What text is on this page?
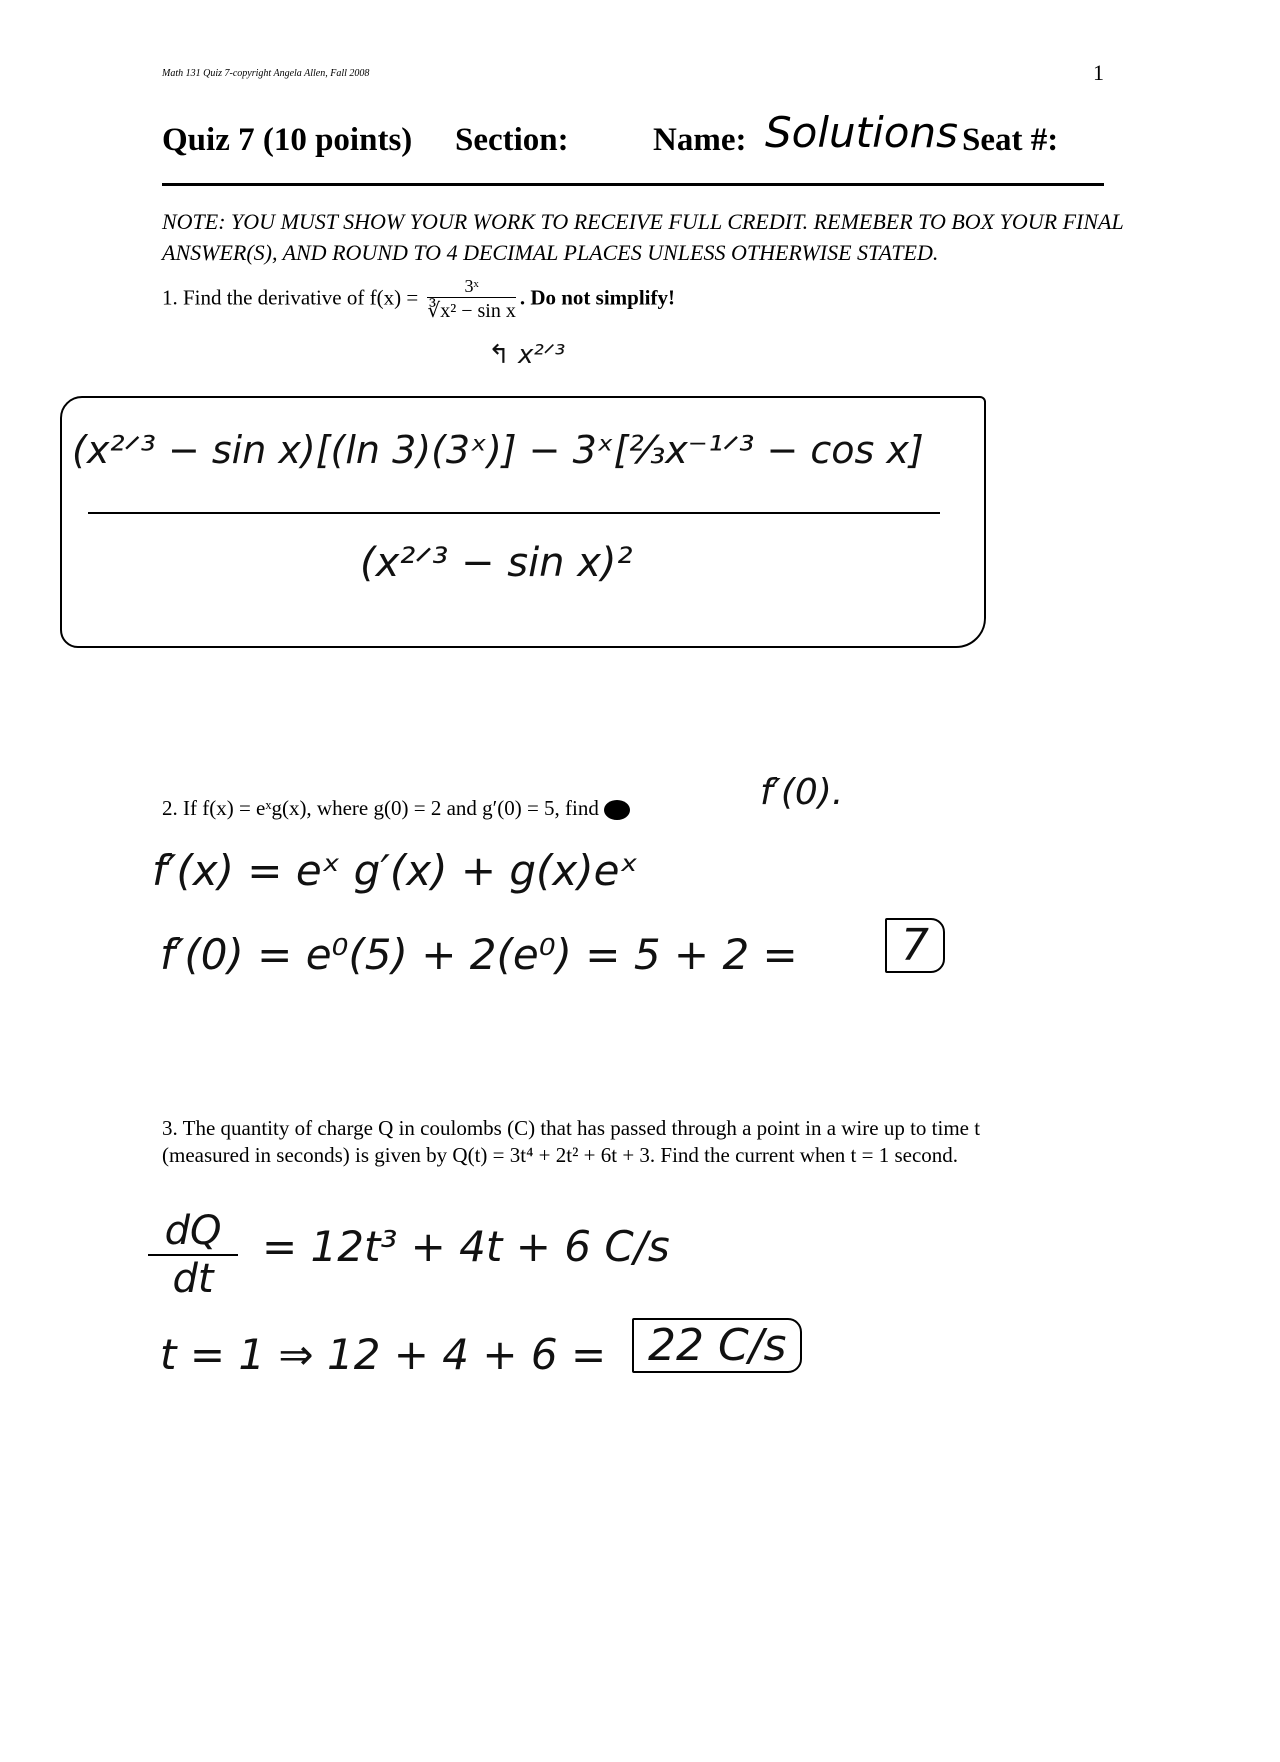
Math 131 Quiz 7-copyright Angela Allen, Fall 2008	1
Quiz 7 (10 points) Section:	Name: Solutions Seat #:
NOTE: YOU MUST SHOW YOUR WORK TO RECEIVE FULL CREDIT. REMEBER TO BOX YOUR FINAL ANSWER(S), AND ROUND TO 4 DECIMAL PLACES UNLESS OTHERWISE STATED.
1. Find the derivative of $f(x) = \frac{\text{3ˣ}}{\text{∛x² − sin x}}$ . Do not simplify!
↰ x²ᐟ³
(x²ᐟ³ − sin x)[(ln 3)(3ˣ)] − 3ˣ[⅔x⁻¹ᐟ³ − cos x]
(x²ᐟ³ − sin x)²
2. If f(x) = eˣg(x), where g(0) = 2 and g′(0) = 5, find	f′(0).
f′(x) = eˣ g′(x) + g(x)eˣ
f′(0) = e⁰(5) + 2(e⁰) = 5 + 2 =	7
3. The quantity of charge Q in coulombs (C) that has passed through a point in a wire up to time t
(measured in seconds) is given by Q(t) = 3t⁴ + 2t² + 6t + 3. Find the current when t = 1 second.
$\frac{dQ}{dt} = 12t^3 + 4t + 6$ C/s
t = 1 ⇒ 12 + 4 + 6 = 22 C/s
